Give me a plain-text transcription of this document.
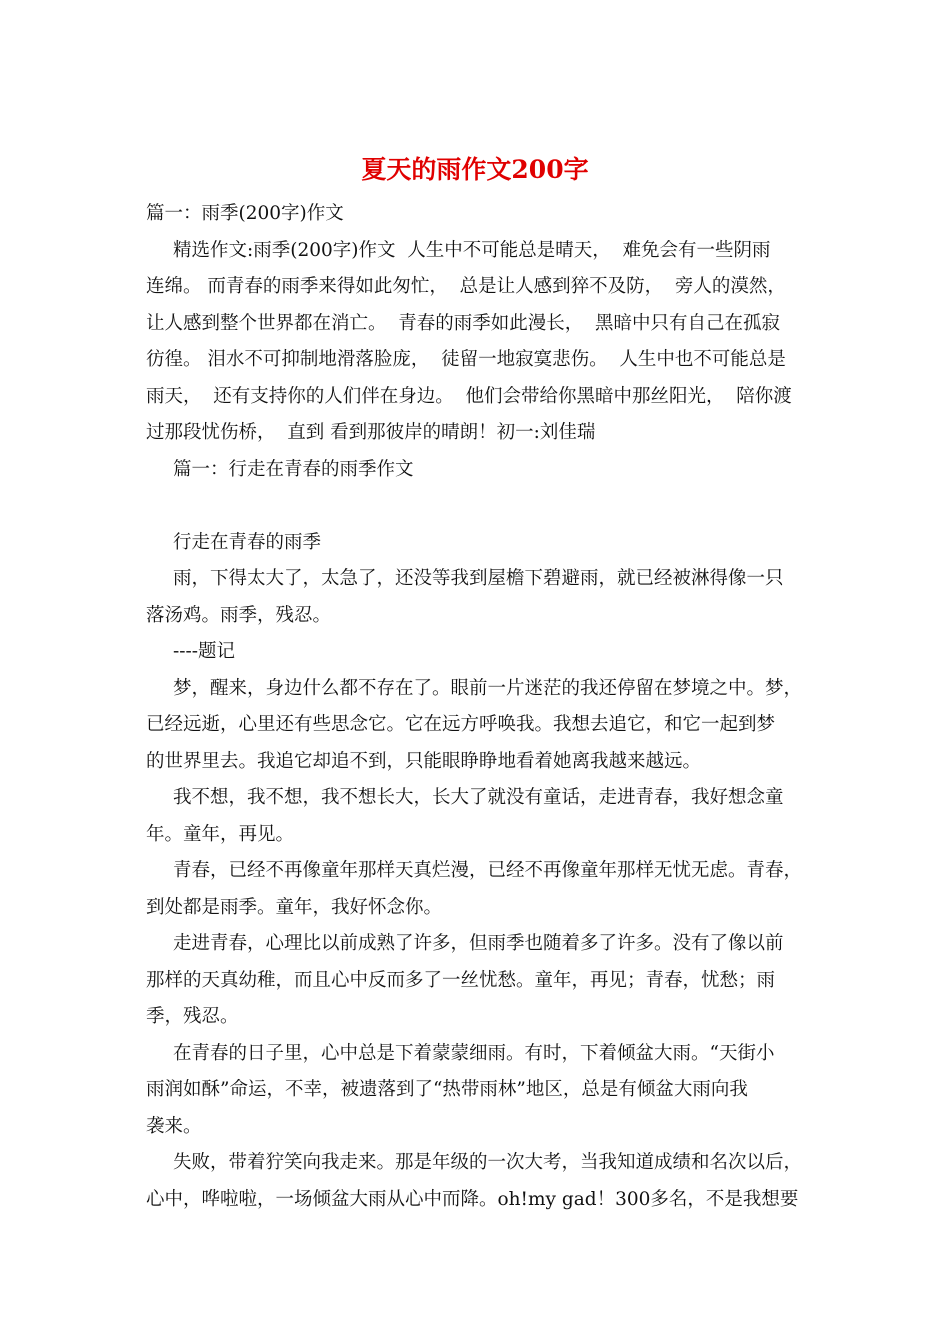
夏天的雨作文200字
篇一：雨季(200字)作文
精选作文:雨季(200字)作文  人生中不可能总是晴天，  难免会有一些阴雨
连绵。 而青春的雨季来得如此匆忙，  总是让人感到猝不及防，  旁人的漠然，
让人感到整个世界都在消亡。  青春的雨季如此漫长，  黑暗中只有自己在孤寂
彷徨。 泪水不可抑制地滑落脸庞，  徒留一地寂寞悲伤。  人生中也不可能总是
雨天，  还有支持你的人们伴在身边。  他们会带给你黑暗中那丝阳光，  陪你渡
过那段忧伤桥，  直到 看到那彼岸的晴朗！初一:刘佳瑞
篇一：行走在青春的雨季作文
行走在青春的雨季
雨，下得太大了，太急了，还没等我到屋檐下碧避雨，就已经被淋得像一只
落汤鸡。雨季，残忍。
----题记
梦，醒来，身边什么都不存在了。眼前一片迷茫的我还停留在梦境之中。梦，
已经远逝，心里还有些思念它。它在远方呼唤我。我想去追它，和它一起到梦
的世界里去。我追它却追不到，只能眼睁睁地看着她离我越来越远。
我不想，我不想，我不想长大，长大了就没有童话，走进青春，我好想念童
年。童年，再见。
青春，已经不再像童年那样天真烂漫，已经不再像童年那样无忧无虑。青春，
到处都是雨季。童年，我好怀念你。
走进青春，心理比以前成熟了许多，但雨季也随着多了许多。没有了像以前
那样的天真幼稚，而且心中反而多了一丝忧愁。童年，再见；青春，忧愁；雨
季，残忍。
在青春的日子里，心中总是下着蒙蒙细雨。有时，下着倾盆大雨。“天街小
雨润如酥”命运，不幸，被遗落到了“热带雨林”地区，总是有倾盆大雨向我
袭来。
失败，带着狞笑向我走来。那是年级的一次大考，当我知道成绩和名次以后，
心中，哗啦啦，一场倾盆大雨从心中而降。oh!my gad！300多名，不是我想要
